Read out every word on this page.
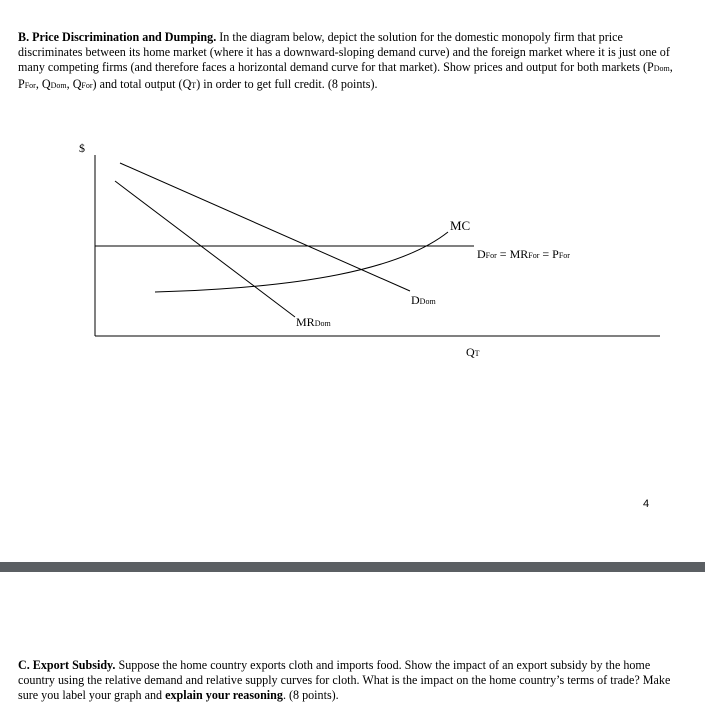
B. Price Discrimination and Dumping. In the diagram below, depict the solution for the domestic monopoly firm that price discriminates between its home market (where it has a downward-sloping demand curve) and the foreign market where it is just one of many competing firms (and therefore faces a horizontal demand curve for that market). Show prices and output for both markets (PDom, PFor, QDom, QFor) and total output (QT) in order to get full credit. (8 points).
$
MC
DDom
MRDom
QT
DFor = MRFor = PFor
4
C. Export Subsidy. Suppose the home country exports cloth and imports food. Show the impact of an export subsidy by the home country using the relative demand and relative supply curves for cloth. What is the impact on the home country’s terms of trade? Make sure you label your graph and explain your reasoning. (8 points).
